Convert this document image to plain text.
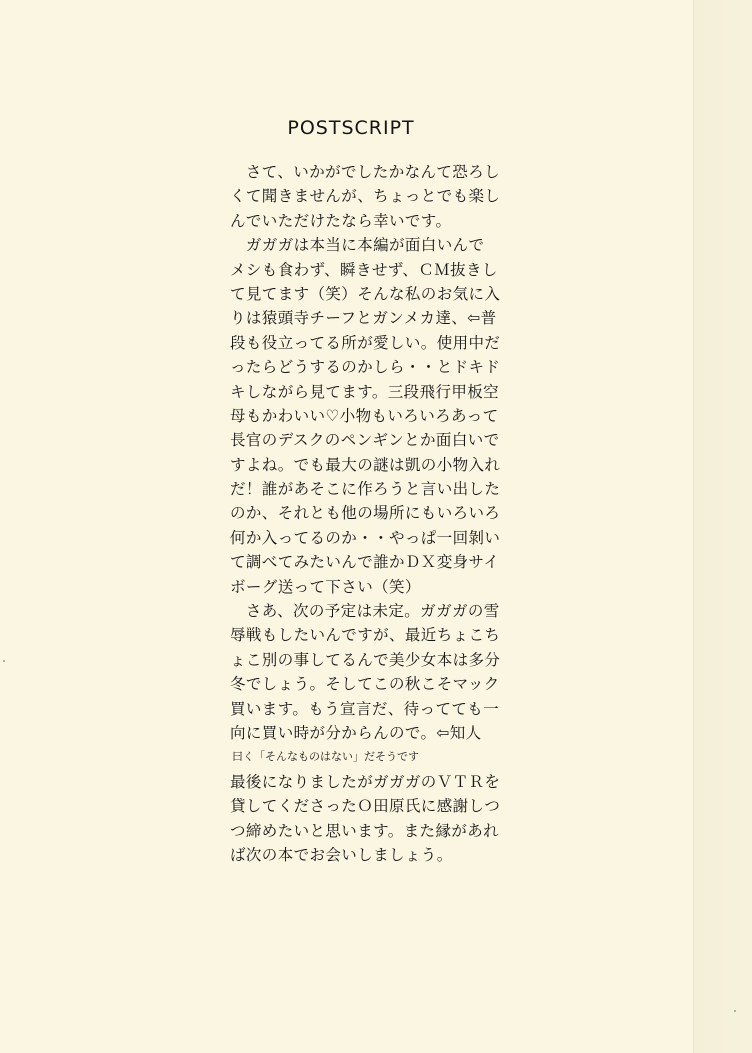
POSTSCRIPT
　さて、いかがでしたかなんて恐ろし
くて聞きませんが、ちょっとでも楽し
んでいただけたなら幸いです。
　ガガガは本当に本編が面白いんで
メシも食わず、瞬きせず、ＣＭ抜きし
て見てます（笑）そんな私のお気に入
りは猿頭寺チーフとガンメカ達、⇦普
段も役立ってる所が愛しい。使用中だ
ったらどうするのかしら・・とドキド
キしながら見てます。三段飛行甲板空
母もかわいい♡小物もいろいろあって
長官のデスクのペンギンとか面白いで
すよね。でも最大の謎は凱の小物入れ
だ！誰があそこに作ろうと言い出した
のか、それとも他の場所にもいろいろ
何か入ってるのか・・やっぱ一回剝い
て調べてみたいんで誰かＤＸ変身サイ
ボーグ送って下さい（笑）
　さあ、次の予定は未定。ガガガの雪
辱戦もしたいんですが、最近ちょこち
ょこ別の事してるんで美少女本は多分
冬でしょう。そしてこの秋こそマック
買います。もう宣言だ、待ってても一
向に買い時が分からんので。⇦知人
曰く「そんなものはない」だそうです
最後になりましたがガガガのＶＴＲを
貸してくださったＯ田原氏に感謝しつ
つ締めたいと思います。また縁があれ
ば次の本でお会いしましょう。
